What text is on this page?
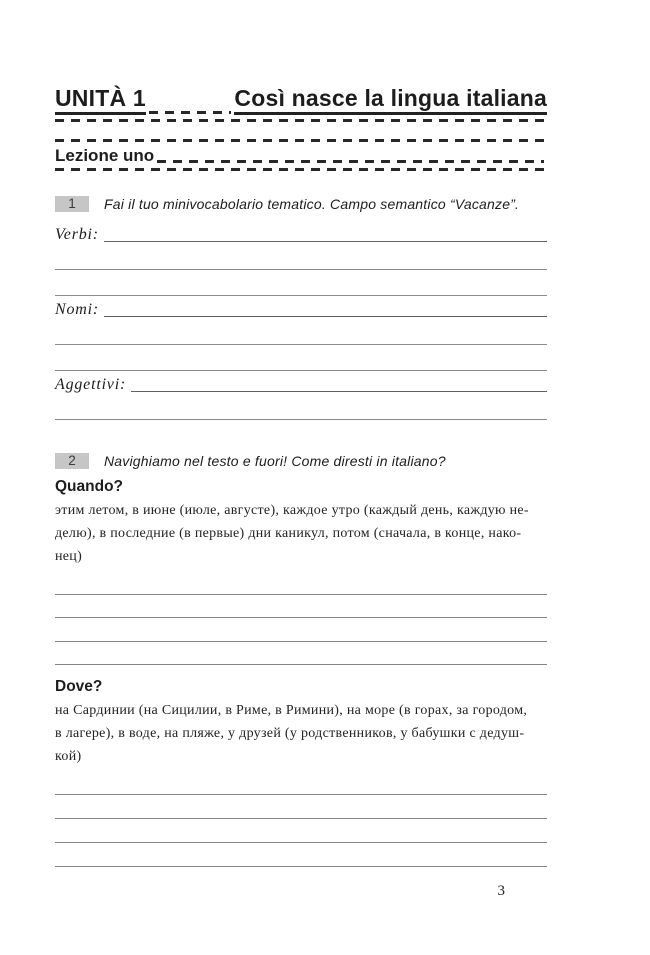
UNITÀ 1	Così nasce la lingua italiana
Lezione uno
1	Fai il tuo minivocabolario tematico. Campo semantico “Vacanze”.
Verbi:
Nomi:
Aggettivi:
2	Navighiamo nel testo e fuori! Come diresti in italiano?
Quando?
этим летом, в июне (июле, августе), каждое утро (каждый день, каждую не-
делю), в последние (в первые) дни каникул, потом (сначала, в конце, нако-
нец)
Dove?
на Сардинии (на Сицилии, в Риме, в Римини), на море (в горах, за городом,
в лагере), в воде, на пляже, у друзей (у родственников, у бабушки с дедуш-
кой)
3
